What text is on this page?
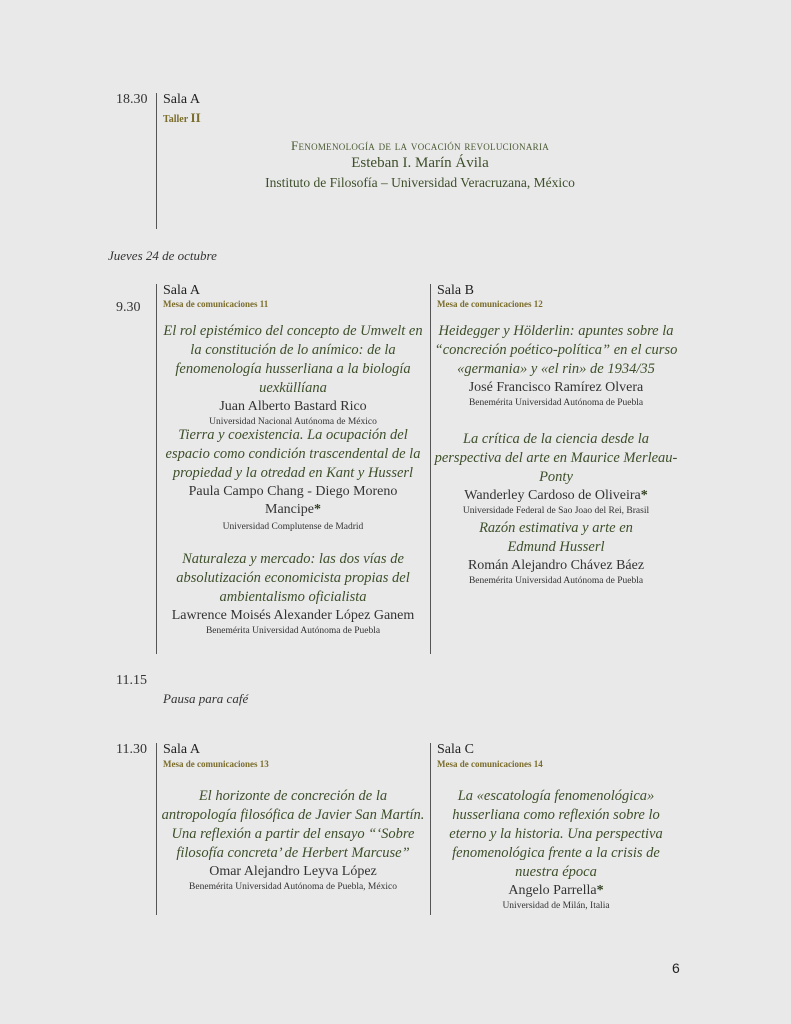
18.30 Sala A
Taller II
Fenomenología de la vocación revolucionaria
Esteban I. Marín Ávila
Instituto de Filosofía – Universidad Veracruzana, México
Jueves 24 de octubre
9.30
Sala A
Mesa de comunicaciones 11
El rol epistémico del concepto de Umwelt en la constitución de lo anímico: de la fenomenología husserliana a la biología uexküllíana
Juan Alberto Bastard Rico
Universidad Nacional Autónoma de México
Tierra y coexistencia. La ocupación del espacio como condición trascendental de la propiedad y la otredad en Kant y Husserl
Paula Campo Chang - Diego Moreno Mancipe*
Universidad Complutense de Madrid
Naturaleza y mercado: las dos vías de absolutización economicista propias del ambientalismo oficialista
Lawrence Moisés Alexander López Ganem
Benemérita Universidad Autónoma de Puebla
Sala B
Mesa de comunicaciones 12
Heidegger y Hölderlin: apuntes sobre la “concreción poético-política” en el curso «germania» y «el rin» de 1934/35
José Francisco Ramírez Olvera
Benemérita Universidad Autónoma de Puebla
La crítica de la ciencia desde la perspectiva del arte en Maurice Merleau-Ponty
Wanderley Cardoso de Oliveira*
Universidade Federal de Sao Joao del Rei, Brasil
Razón estimativa y arte en Edmund Husserl
Román Alejandro Chávez Báez
Benemérita Universidad Autónoma de Puebla
11.15
Pausa para café
11.30 Sala A
Mesa de comunicaciones 13
El horizonte de concreción de la antropología filosófica de Javier San Martín. Una reflexión a partir del ensayo “‘Sobre filosofía concreta’ de Herbert Marcuse”
Omar Alejandro Leyva López
Benemérita Universidad Autónoma de Puebla, México
Sala C
Mesa de comunicaciones 14
La «escatología fenomenológica» husserliana como reflexión sobre lo eterno y la historia. Una perspectiva fenomenológica frente a la crisis de nuestra época
Angelo Parrella*
Universidad de Milán, Italia
6
